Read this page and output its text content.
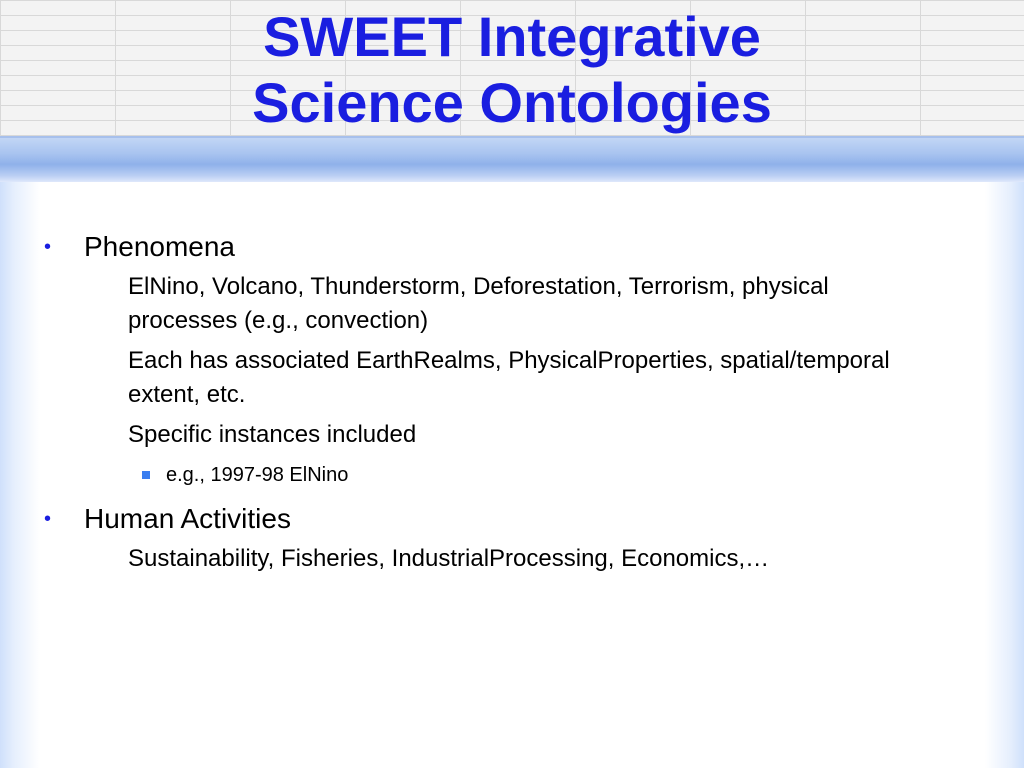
SWEET Integrative
Science Ontologies
• Phenomena
ElNino, Volcano, Thunderstorm, Deforestation, Terrorism, physical processes (e.g., convection)
Each has associated EarthRealms, PhysicalProperties, spatial/temporal extent, etc.
Specific instances included
e.g., 1997-98 ElNino
• Human Activities
Sustainability, Fisheries, IndustrialProcessing, Economics,…
